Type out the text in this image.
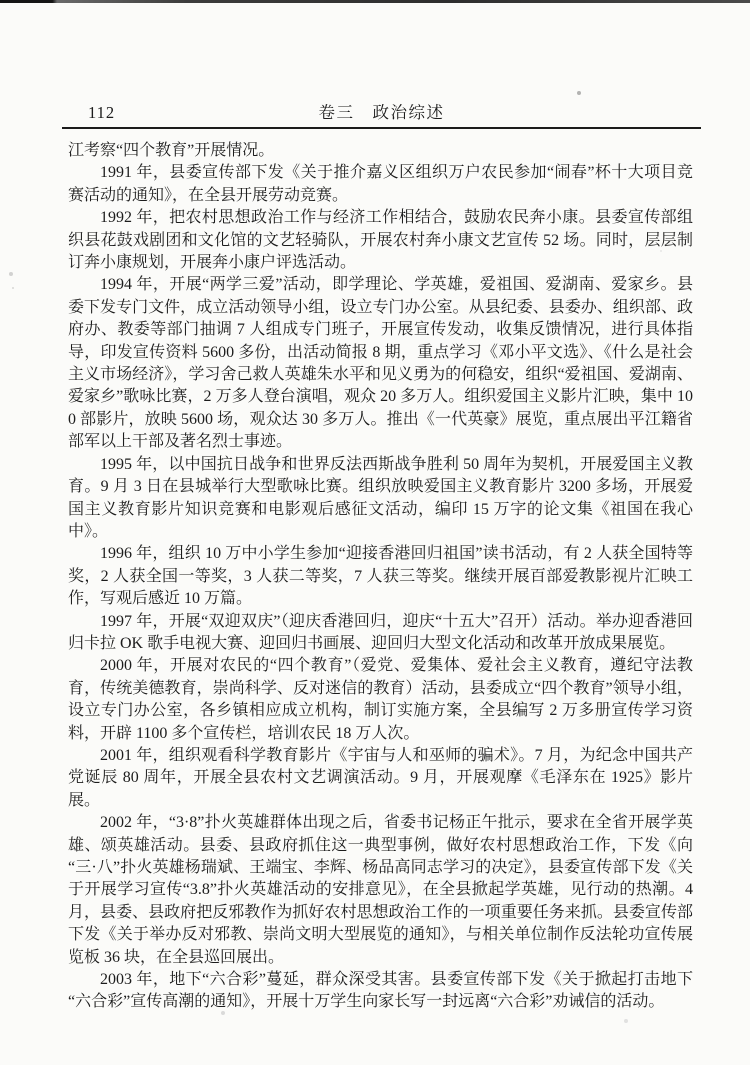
112	卷三　政治综述

江考察“四个教育”开展情况。

1991 年，县委宣传部下发《关于推介嘉义区组织万户农民参加“闹春”杯十大项目竞赛活动的通知》，在全县开展劳动竞赛。

1992 年，把农村思想政治工作与经济工作相结合，鼓励农民奔小康。县委宣传部组织县花鼓戏剧团和文化馆的文艺轻骑队，开展农村奔小康文艺宣传 52 场。同时，层层制订奔小康规划，开展奔小康户评选活动。

1994 年，开展“两学三爱”活动，即学理论、学英雄，爱祖国、爱湖南、爱家乡。县委下发专门文件，成立活动领导小组，设立专门办公室。从县纪委、县委办、组织部、政府办、教委等部门抽调 7 人组成专门班子，开展宣传发动，收集反馈情况，进行具体指导，印发宣传资料 5600 多份，出活动简报 8 期，重点学习《邓小平文选》、《什么是社会主义市场经济》，学习舍己救人英雄朱水平和见义勇为的何稳安，组织“爱祖国、爱湖南、爱家乡”歌咏比赛，2 万多人登台演唱，观众 20 多万人。组织爱国主义影片汇映，集中 100 部影片，放映 5600 场，观众达 30 多万人。推出《一代英豪》展览，重点展出平江籍省部军以上干部及著名烈士事迹。

1995 年，以中国抗日战争和世界反法西斯战争胜利 50 周年为契机，开展爱国主义教育。9 月 3 日在县城举行大型歌咏比赛。组织放映爱国主义教育影片 3200 多场，开展爱国主义教育影片知识竞赛和电影观后感征文活动，编印 15 万字的论文集《祖国在我心中》。

1996 年，组织 10 万中小学生参加“迎接香港回归祖国”读书活动，有 2 人获全国特等奖，2 人获全国一等奖，3 人获二等奖，7 人获三等奖。继续开展百部爱教影视片汇映工作，写观后感近 10 万篇。

1997 年，开展“双迎双庆”（迎庆香港回归，迎庆“十五大”召开）活动。举办迎香港回归卡拉 OK 歌手电视大赛、迎回归书画展、迎回归大型文化活动和改革开放成果展览。

2000 年，开展对农民的“四个教育”（爱党、爱集体、爱社会主义教育，遵纪守法教育，传统美德教育，崇尚科学、反对迷信的教育）活动，县委成立“四个教育”领导小组，设立专门办公室，各乡镇相应成立机构，制订实施方案，全县编写 2 万多册宣传学习资料，开辟 1100 多个宣传栏，培训农民 18 万人次。

2001 年，组织观看科学教育影片《宇宙与人和巫师的骗术》。7 月，为纪念中国共产党诞辰 80 周年，开展全县农村文艺调演活动。9 月，开展观摩《毛泽东在 1925》影片展。

2002 年，“3·8”扑火英雄群体出现之后，省委书记杨正午批示，要求在全省开展学英雄、颂英雄活动。县委、县政府抓住这一典型事例，做好农村思想政治工作，下发《向“三·八”扑火英雄杨瑞斌、王端宝、李辉、杨品高同志学习的决定》，县委宣传部下发《关于开展学习宣传“3.8”扑火英雄活动的安排意见》，在全县掀起学英雄，见行动的热潮。4 月，县委、县政府把反邪教作为抓好农村思想政治工作的一项重要任务来抓。县委宣传部下发《关于举办反对邪教、崇尚文明大型展览的通知》，与相关单位制作反法轮功宣传展览板 36 块，在全县巡回展出。

2003 年，地下“六合彩”蔓延，群众深受其害。县委宣传部下发《关于掀起打击地下“六合彩”宣传高潮的通知》，开展十万学生向家长写一封远离“六合彩”劝诫信的活动。
